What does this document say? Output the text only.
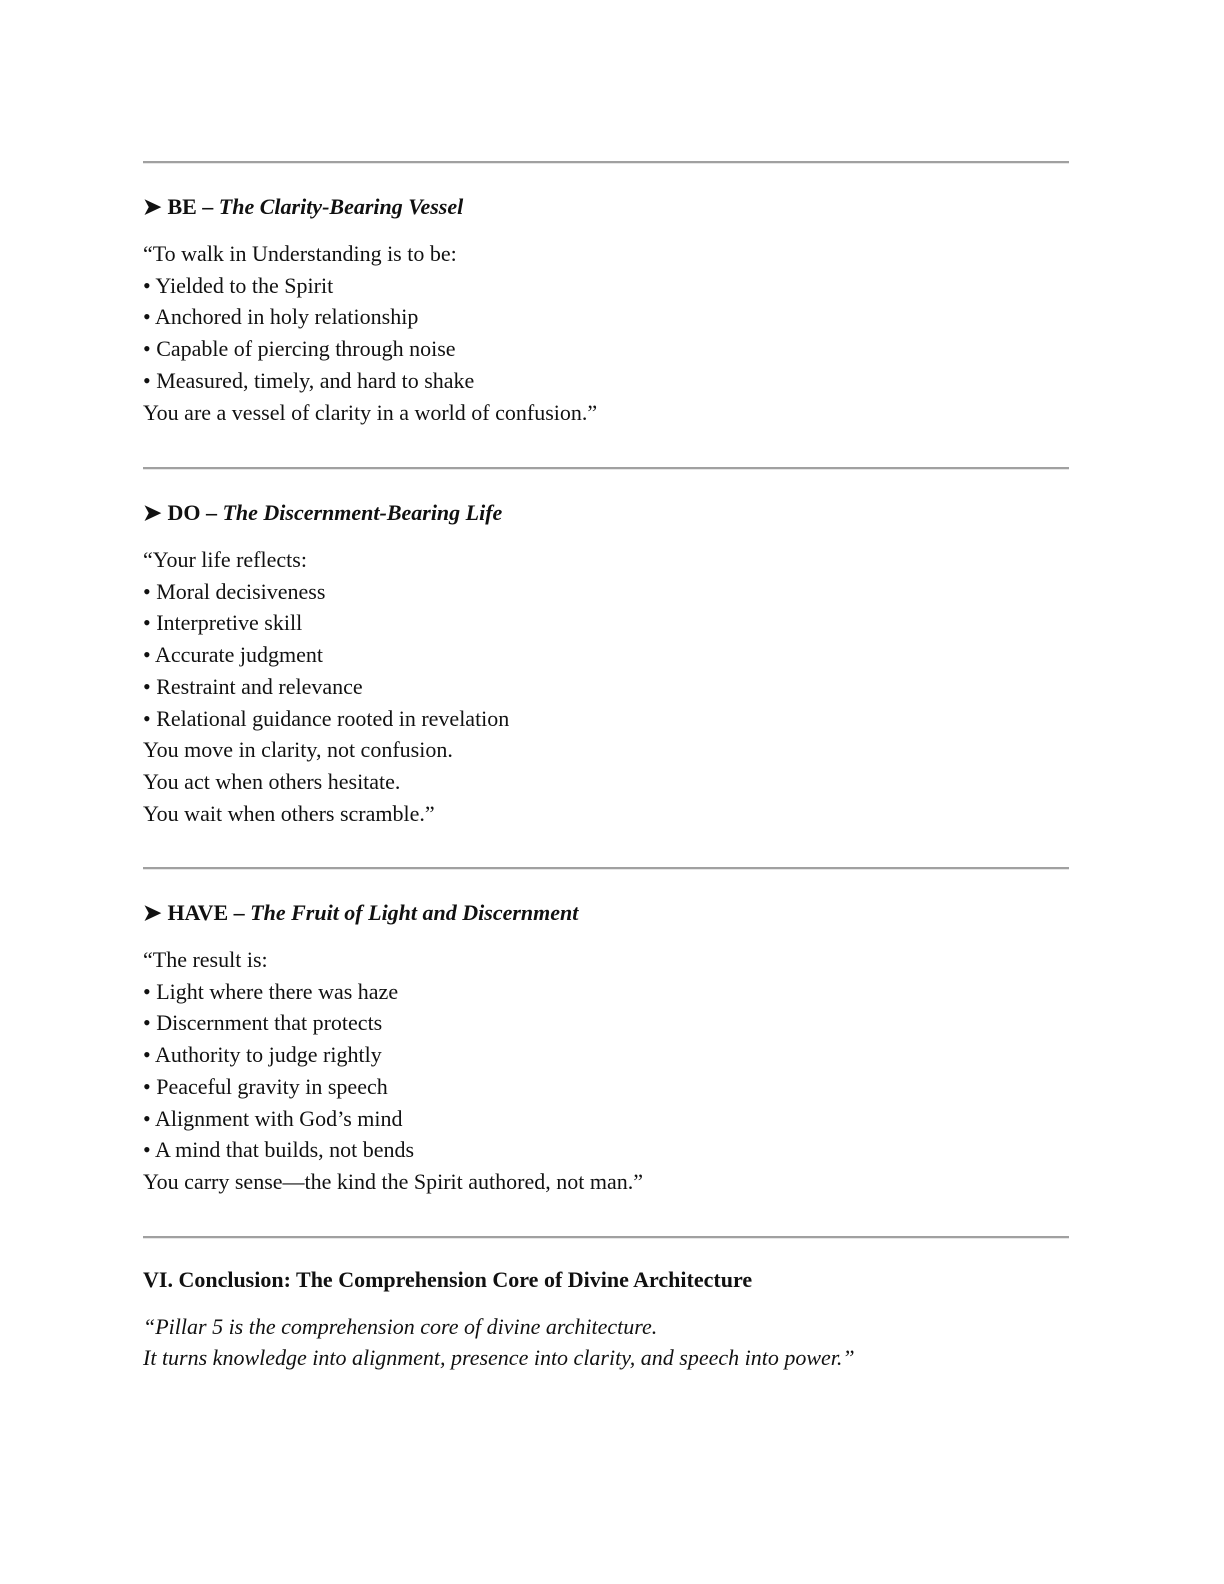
➤ BE – The Clarity-Bearing Vessel
“To walk in Understanding is to be:
• Yielded to the Spirit
• Anchored in holy relationship
• Capable of piercing through noise
• Measured, timely, and hard to shake
You are a vessel of clarity in a world of confusion.”
➤ DO – The Discernment-Bearing Life
“Your life reflects:
• Moral decisiveness
• Interpretive skill
• Accurate judgment
• Restraint and relevance
• Relational guidance rooted in revelation
You move in clarity, not confusion.
You act when others hesitate.
You wait when others scramble.”
➤ HAVE – The Fruit of Light and Discernment
“The result is:
• Light where there was haze
• Discernment that protects
• Authority to judge rightly
• Peaceful gravity in speech
• Alignment with God’s mind
• A mind that builds, not bends
You carry sense—the kind the Spirit authored, not man.”
VI. Conclusion: The Comprehension Core of Divine Architecture
“Pillar 5 is the comprehension core of divine architecture.
It turns knowledge into alignment, presence into clarity, and speech into power.”
